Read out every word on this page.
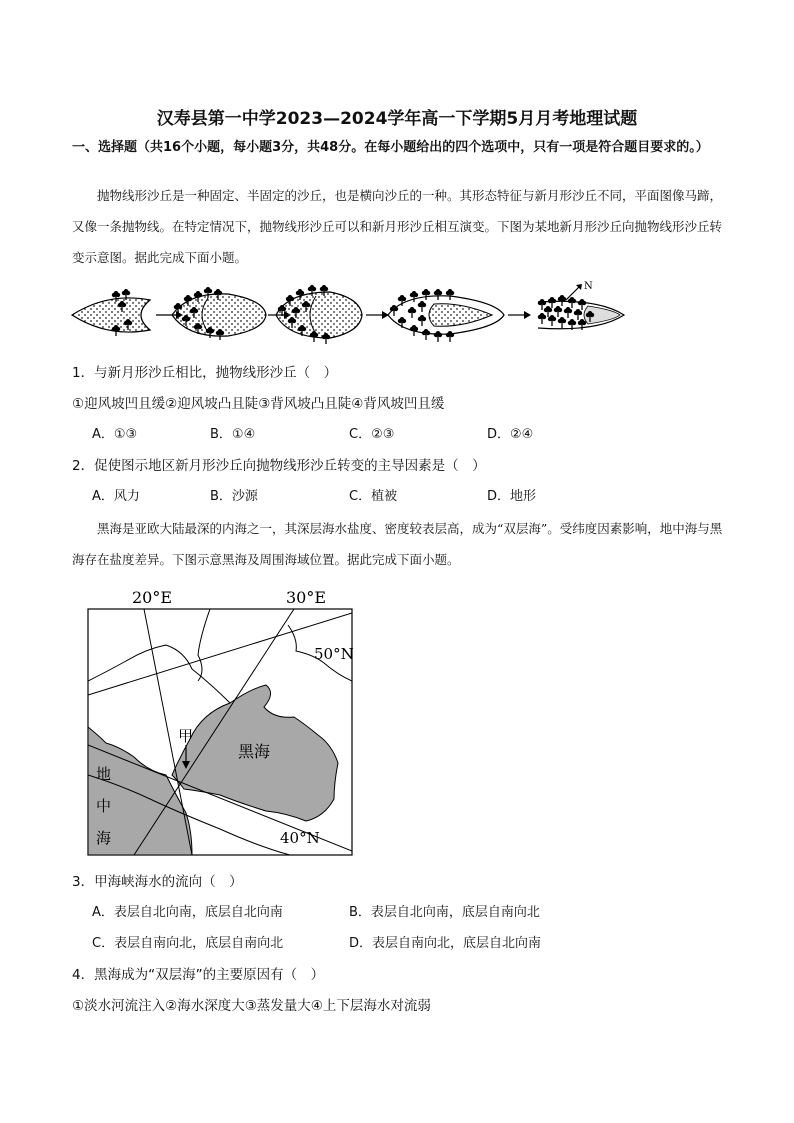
汉寿县第一中学2023—2024学年高一下学期5月月考地理试题
一、选择题（共16个小题，每小题3分，共48分。在每小题给出的四个选项中，只有一项是符合题目要求的。）
抛物线形沙丘是一种固定、半固定的沙丘，也是横向沙丘的一种。其形态特征与新月形沙丘不同，平面图像马蹄，又像一条抛物线。在特定情况下，抛物线形沙丘可以和新月形沙丘相互演变。下图为某地新月形沙丘向抛物线形沙丘转变示意图。据此完成下面小题。
N
1．与新月形沙丘相比，抛物线形沙丘（　）
①迎风坡凹且缓②迎风坡凸且陡③背风坡凸且陡④背风坡凹且缓
A．①③	B．①④	C．②③	D．②④
2．促使图示地区新月形沙丘向抛物线形沙丘转变的主导因素是（　）
A．风力	B．沙源	C．植被	D．地形
黑海是亚欧大陆最深的内海之一，其深层海水盐度、密度较表层高，成为“双层海”。受纬度因素影响，地中海与黑海存在盐度差异。下图示意黑海及周围海域位置。据此完成下面小题。
20°E	30°E
50°N
40°N
甲
黑海
地
中
海
3．甲海峡海水的流向（　）
A．表层自北向南，底层自北向南	B．表层自北向南，底层自南向北
C．表层自南向北，底层自南向北	D．表层自南向北，底层自北向南
4．黑海成为“双层海”的主要原因有（　）
①淡水河流注入②海水深度大③蒸发量大④上下层海水对流弱
